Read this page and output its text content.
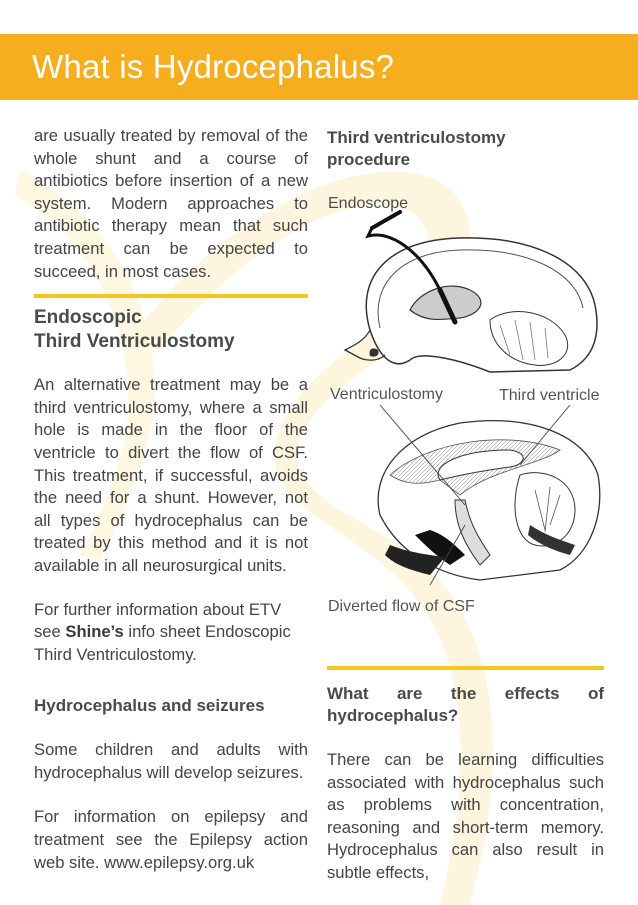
What is Hydrocephalus?

are usually treated by removal of the whole shunt and a course of antibiotics before insertion of a new system. Modern approaches to antibiotic therapy mean that such treatment can be expected to succeed, in most cases.

Endoscopic
Third Ventriculostomy

An alternative treatment may be a third ventriculostomy, where a small hole is made in the floor of the ventricle to divert the flow of CSF. This treatment, if successful, avoids the need for a shunt. However, not all types of hydrocephalus can be treated by this method and it is not available in all neurosurgical units.

For further information about ETV see Shine’s info sheet Endoscopic Third Ventriculostomy.

Hydrocephalus and seizures

Some children and adults with hydrocephalus will develop seizures.

For information on epilepsy and treatment see the Epilepsy action web site. www.epilepsy.org.uk

Third ventriculostomy
procedure
Endoscope
Ventriculostomy	Third ventricle
Diverted flow of CSF
What are the effects of hydrocephalus?

There can be learning difficulties associated with hydrocephalus such as problems with concentration, reasoning and short-term memory. Hydrocephalus can also result in subtle effects,
